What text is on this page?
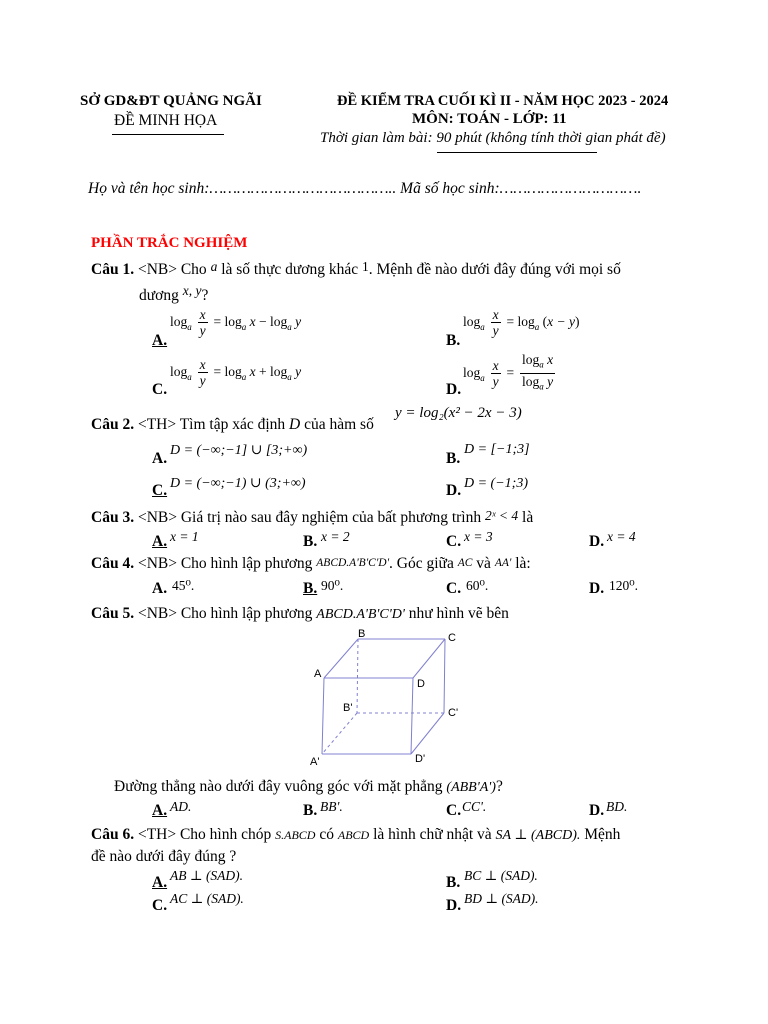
SỞ GD&ĐT QUẢNG NGÃI
ĐỀ MINH HỌA
ĐỀ KIỂM TRA CUỐI KÌ II - NĂM HỌC 2023 - 2024
MÔN: TOÁN - LỚP: 11
Thời gian làm bài: 90 phút (không tính thời gian phát đề)
Họ và tên học sinh:………………………………….. Mã số học sinh:………………………….
PHẦN TRẮC NGHIỆM
Câu 1. <NB> Cho a là số thực dương khác 1. Mệnh đề nào dưới đây đúng với mọi số
dương x, y?
A.
$\log_a \frac{x}{y} = \log_a x - \log_a y$
B.
$\log_a \frac{x}{y} = \log_a (x - y)$
C.
$\log_a \frac{x}{y} = \log_a x + \log_a y$
D.
$\log_a \frac{x}{y} = \frac{\log_a x}{\log_a y}$
Câu 2. <TH> Tìm tập xác định D của hàm số
y = log₂(x² − 2x − 3)
A. D = (−∞;−1] ∪ [3;+∞)	B.
D = [−1;3]
C. D = (−∞;−1) ∪ (3;+∞)	D. D = (−1;3)
Câu 3. <NB> Giá trị nào sau đây nghiệm của bất phương trình 2ˣ < 4 là
A. x = 1	B. x = 2	C. x = 3	D. x = 4
Câu 4. <NB> Cho hình lập phương ABCD.A'B'C'D'. Góc giữa AC và AA' là:
A. 45⁰.	B. 90⁰.	C. 60⁰.	D. 120⁰.
Câu 5. <NB> Cho hình lập phương ABCD.A'B'C'D' như hình vẽ bên
B	C
A
D
B'	C'
A'	D'
Đường thẳng nào dưới đây vuông góc với mặt phẳng (ABB'A')?
A. AD.	B. BB'.	C. CC'.	D. BD.
Câu 6. <TH> Cho hình chóp S.ABCD có ABCD là hình chữ nhật và SA ⊥ (ABCD). Mệnh
đề nào dưới đây đúng ?
A. AB ⊥ (SAD).	B. BC ⊥ (SAD).
C. AC ⊥ (SAD).	D. BD ⊥ (SAD).
